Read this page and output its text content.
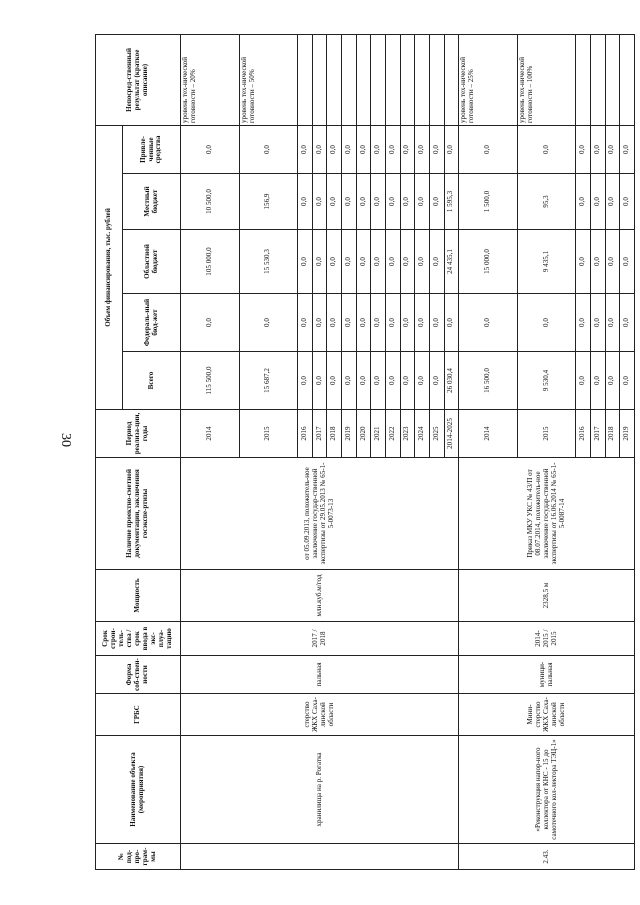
30
№ под-про-грам-мы	Наименование объекта (мероприятия)	ГРБС	Форма соб-ствен-ности	Срок строи-тель-ства / срок ввода в экс-плуа-тацию	Мощность	Наличие проектно-сметной документации, заключения госэкспе-ртизы	Период реализа-ции, годы	Объем финансирования, тыс. рублей					Непосред-ственный результат (краткое описание)
								Всего	Федераль-ный бюд-жет	Областной бюджет	Местный бюджет	Привле-ченные средства	
	хранилища на р. Рогатка	стерство ЖКХ Саха-линской области	пальная	2017 / 2018	млн.куб.м/год	от 05.09.2013, положитель-ное заключение государ-ственной экспертизы от 29.05.2013 № 65-1-5-0073-13	2014	115 500,0	0,0	105 000,0	10 500,0	0,0	уровень тех-нической готовности – 20%
							2015	15 687,2	0,0	15 530,3	156,9	0,0	уровень тех-нической готовности – 50%
							2016	0,0	0,0	0,0	0,0	0,0	
							2017	0,0	0,0	0,0	0,0	0,0	
							2018	0,0	0,0	0,0	0,0	0,0	
							2019	0,0	0,0	0,0	0,0	0,0	
							2020	0,0	0,0	0,0	0,0	0,0	
							2021	0,0	0,0	0,0	0,0	0,0	
							2022	0,0	0,0	0,0	0,0	0,0	
							2023	0,0	0,0	0,0	0,0	0,0	
							2024	0,0	0,0	0,0	0,0	0,0	
							2025	0,0	0,0	0,0	0,0	0,0	
							2014-2025	26 030,4	0,0	24 435,1	1 595,3	0,0	
2.43.	«Реконструкция напор-ного коллектора от КНС - 15 до самотечного кол-лектора ТЭЦ-1»	Мини-стерство ЖКХ Саха-линской области	муници-пальная	2014-2015 / 2015	2328,5 м	Приказ МКУ УКС № 43/П от 08.07.2014, положитель-ное заключение государ-ственной экспертизы от 16.06.2014 № 65-1-5-0087-14	2014	16 500,0	0,0	15 000,0	1 500,0	0,0	уровень тех-нической готовности – 25%
							2015	9 530,4	0,0	9 435,1	95,3	0,0	уровень тех-нической готовности – 100%
							2016	0,0	0,0	0,0	0,0	0,0	
							2017	0,0	0,0	0,0	0,0	0,0	
							2018	0,0	0,0	0,0	0,0	0,0	
							2019	0,0	0,0	0,0	0,0	0,0	
